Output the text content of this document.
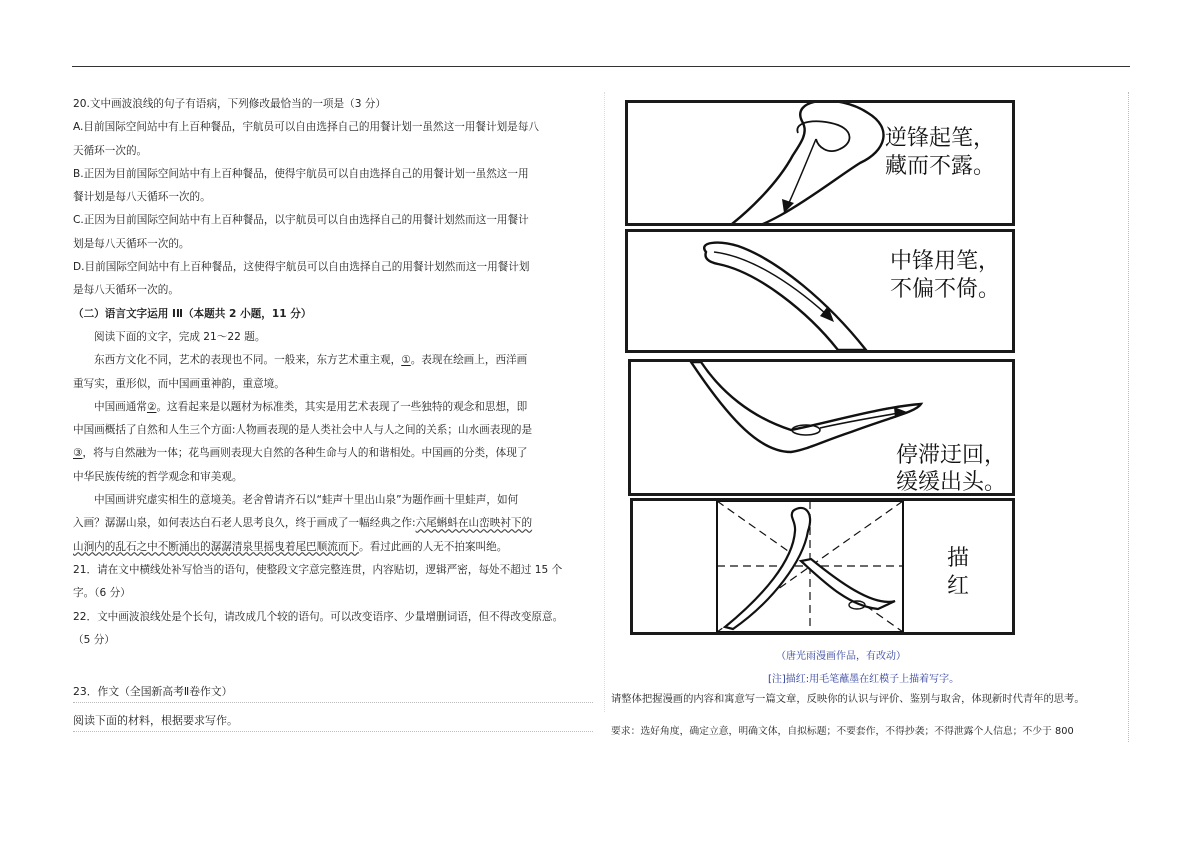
20.文中画波浪线的句子有语病，下列修改最恰当的一项是（3 分）

A.目前国际空间站中有上百种餐品，宇航员可以自由选择自己的用餐计划一虽然这一用餐计划是每八

天循环一次的。

B.正因为目前国际空间站中有上百种餐品，使得宇航员可以自由选择自己的用餐计划一虽然这一用

餐计划是每八天循环一次的。

C.正因为目前国际空间站中有上百种餐品，以宇航员可以自由选择自己的用餐计划然而这一用餐计

划是每八天循环一次的。

D.目前国际空间站中有上百种餐品，这使得宇航员可以自由选择自己的用餐计划然而这一用餐计划

是每八天循环一次的。

（二）语言文字运用 IⅡ（本题共 2 小题，11 分）

阅读下面的文字，完成 21～22 题。

东西方文化不同，艺术的表现也不同。一般来，东方艺术重主观，①。表现在绘画上，西洋画

重写实，重形似，而中国画重神韵，重意境。

中国画通常②。这看起来是以题材为标准类，其实是用艺术表现了一些独特的观念和思想，即

中国画概括了自然和人生三个方面:人物画表现的是人类社会中人与人之间的关系；山水画表现的是

③，将与自然融为一体；花鸟画则表现大自然的各种生命与人的和谐相处。中国画的分类，体现了

中华民族传统的哲学观念和审美观。

中国画讲究虚实相生的意境美。老舍曾请齐石以“蛙声十里出山泉”为题作画十里蛙声，如何

入画？潺潺山泉，如何表达白石老人思考良久，终于画成了一幅经典之作:六尾蝌蚪在山峦映衬下的

山涧内的乱石之中不断涌出的潺潺清泉里摇曳着尾巴顺流而下。看过此画的人无不拍案叫绝。

21．请在文中横线处补写恰当的语句，使整段文字意完整连贯，内容贴切，逻辑严密，每处不超过 15 个

字。（6 分）

22．文中画波浪线处是个长句，请改成几个较的语句。可以改变语序、少量增删词语，但不得改变原意。

（5 分）

23．作文（全国新高考Ⅱ卷作文）
阅读下面的材料，根据要求写作。
逆锋起笔，
藏而不露。
中锋用笔，
不偏不倚。
停滞迂回，
缓缓出头。
描
红
（唐光雨漫画作品，有改动）
[注]描红:用毛笔蘸墨在红模子上描着写字。
请整体把握漫画的内容和寓意写一篇文章，反映你的认识与评价、鉴别与取舍，体现新时代青年的思考。
要求：选好角度，确定立意，明确文体，自拟标题；不要套作，不得抄袭；不得泄露个人信息；不少于 800
